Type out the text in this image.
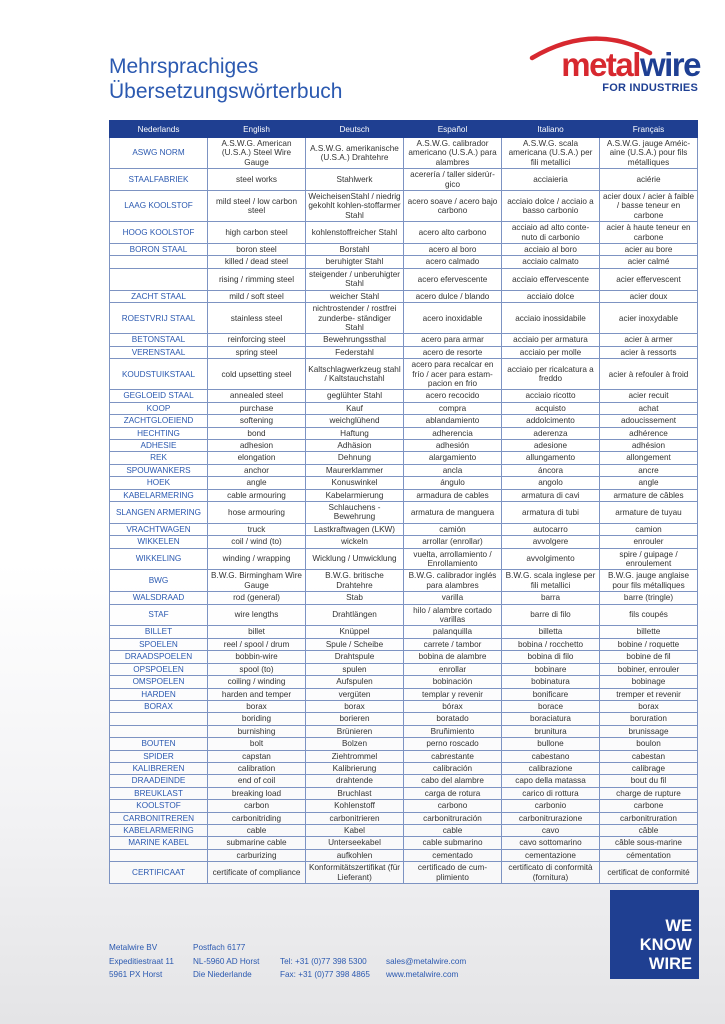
Mehrsprachiges
Übersetzungswörterbuch
metalwire
FOR INDUSTRIES
Nederlands	English	Deutsch	Español	Italiano	Français
ASWG NORM	A.S.W.G. American (U.S.A.) Steel Wire Gauge	A.S.W.G. amerikanische (U.S.A.) Drahtehre	A.S.W.G. calibrador americano (U.S.A.) para alambres	A.S.W.G. scala americana (U.S.A.) per fili metallici	A.S.W.G. jauge Améic-aine (U.S.A.) pour fils métalliques
STAALFABRIEK	steel works	Stahlwerk	acerería / taller siderúr-gico	acciaieria	aciérie
LAAG KOOLSTOF	mild steel / low carbon steel	WeicheisenStahl / niedrig gekohlt kohlen-stoffarmer Stahl	acero soave / acero bajo carbono	acciaio dolce / acciaio a basso carbonio	acier doux / acier à faible / basse teneur en carbone
HOOG KOOLSTOF	high carbon steel	kohlenstoffreicher Stahl	acero alto carbono	acciaio ad alto conte-nuto di carbonio	acier à haute teneur en carbone
BORON STAAL	boron steel	Borstahl	acero al boro	acciaio al boro	acier au bore
	killed / dead steel	beruhigter Stahl	acero calmado	acciaio calmato	acier calmé
	rising / rimming steel	steigender / unberuhigter Stahl	acero efervescente	acciaio effervescente	acier effervescent
ZACHT STAAL	mild / soft steel	weicher Stahl	acero dulce / blando	acciaio dolce	acier doux
ROESTVRIJ STAAL	stainless steel	nichtrostender / rostfrei zunderbe- ständiger Stahl	acero inoxidable	acciaio inossidabile	acier inoxydable
BETONSTAAL	reinforcing steel	Bewehrungssthal	acero para armar	acciaio per armatura	acier à armer
VERENSTAAL	spring steel	Federstahl	acero de resorte	acciaio per molle	acier à ressorts
KOUDSTUIKSTAAL	cold upsetting steel	Kaltschlagwerkzeug stahl / Kaltstauchstahl	acero para recalcar en frío / acer para estam-pacion en frio	acciaio per ricalcatura a freddo	acier à refouler à froid
GEGLOEID STAAL	annealed steel	geglühter Stahl	acero recocido	acciaio ricotto	acier recuit
KOOP	purchase	Kauf	compra	acquisto	achat
ZACHTGLOEIEND	softening	weichglühend	ablandamiento	addolcimento	adoucissement
HECHTING	bond	Haftung	adherencia	aderenza	adhérence
ADHESIE	adhesion	Adhäsion	adhesión	adesione	adhésion
REK	elongation	Dehnung	alargamiento	allungamento	allongement
SPOUWANKERS	anchor	Maurerklammer	ancla	áncora	ancre
HOEK	angle	Konuswinkel	ángulo	angolo	angle
KABELARMERING	cable armouring	Kabelarmierung	armadura de cables	armatura di cavi	armature de câbles
SLANGEN ARMERING	hose armouring	Schlauchens - Bewehrung	armatura de manguera	armatura di tubi	armature de tuyau
VRACHTWAGEN	truck	Lastkraftwagen (LKW)	camión	autocarro	camion
WIKKELEN	coil / wind (to)	wickeln	arrollar (enrollar)	avvolgere	enrouler
WIKKELING	winding / wrapping	Wicklung / Umwicklung	vuelta, arrollamiento / Enrollamiento	avvolgimento	spire / guipage / enroulement
BWG	B.W.G. Birmingham Wire Gauge	B.W.G. britische Drahtehre	B.W.G. calibrador inglés para alambres	B.W.G. scala inglese per fili metallici	B.W.G. jauge anglaise pour fils métalliques
WALSDRAAD	rod (general)	Stab	varilla	barra	barre (tringle)
STAF	wire lengths	Drahtlängen	hilo / alambre cortado varillas	barre di filo	fils coupés
BILLET	billet	Knüppel	palanquilla	billetta	billette
SPOELEN	reel / spool / drum	Spule / Scheibe	carrete / tambor	bobina / rocchetto	bobine / roquette
DRAADSPOELEN	bobbin-wire	Drahtspule	bobina de alambre	bobina di filo	bobine de fil
OPSPOELEN	spool (to)	spulen	enrollar	bobinare	bobiner, enrouler
OMSPOELEN	coiling / winding	Aufspulen	bobinación	bobinatura	bobinage
HARDEN	harden and temper	vergüten	templar y revenir	bonificare	tremper et revenir
BORAX	borax	borax	bórax	borace	borax
	boriding	borieren	boratado	boraciatura	boruration
	burnishing	Brünieren	Bruñimiento	brunitura	brunissage
BOUTEN	bolt	Bolzen	perno roscado	bullone	boulon
SPIDER	capstan	Ziehtrommel	cabrestante	cabestano	cabestan
KALIBREREN	calibration	Kalibrierung	calibración	calibrazione	calibrage
DRAADEINDE	end of coil	drahtende	cabo del alambre	capo della matassa	bout du fil
BREUKLAST	breaking load	Bruchlast	carga de rotura	carico di rottura	charge de rupture
KOOLSTOF	carbon	Kohlenstoff	carbono	carbonio	carbone
CARBONITREREN	carbonitriding	carbonitrieren	carbonitruración	carbonitrurazione	carbonitruration
KABELARMERING	cable	Kabel	cable	cavo	câble
MARINE KABEL	submarine cable	Unterseekabel	cable submarino	cavo sottomarino	câble sous-marine
	carburizing	aufkohlen	cementado	cementazione	cémentation
CERTIFICAAT	certificate of compliance	Konformitätszertifikat (für Lieferant)	certificado de cum-plimiento	certificato di conformità (fornitura)	certificat de conformité
Metalwire BV
Expeditiestraat 11
5961 PX Horst
Postfach 6177
NL-5960 AD Horst
Die Niederlande
Tel: +31 (0)77 398 5300
Fax: +31 (0)77 398 4865
sales@metalwire.com
www.metalwire.com
WE
KNOW
WIRE
